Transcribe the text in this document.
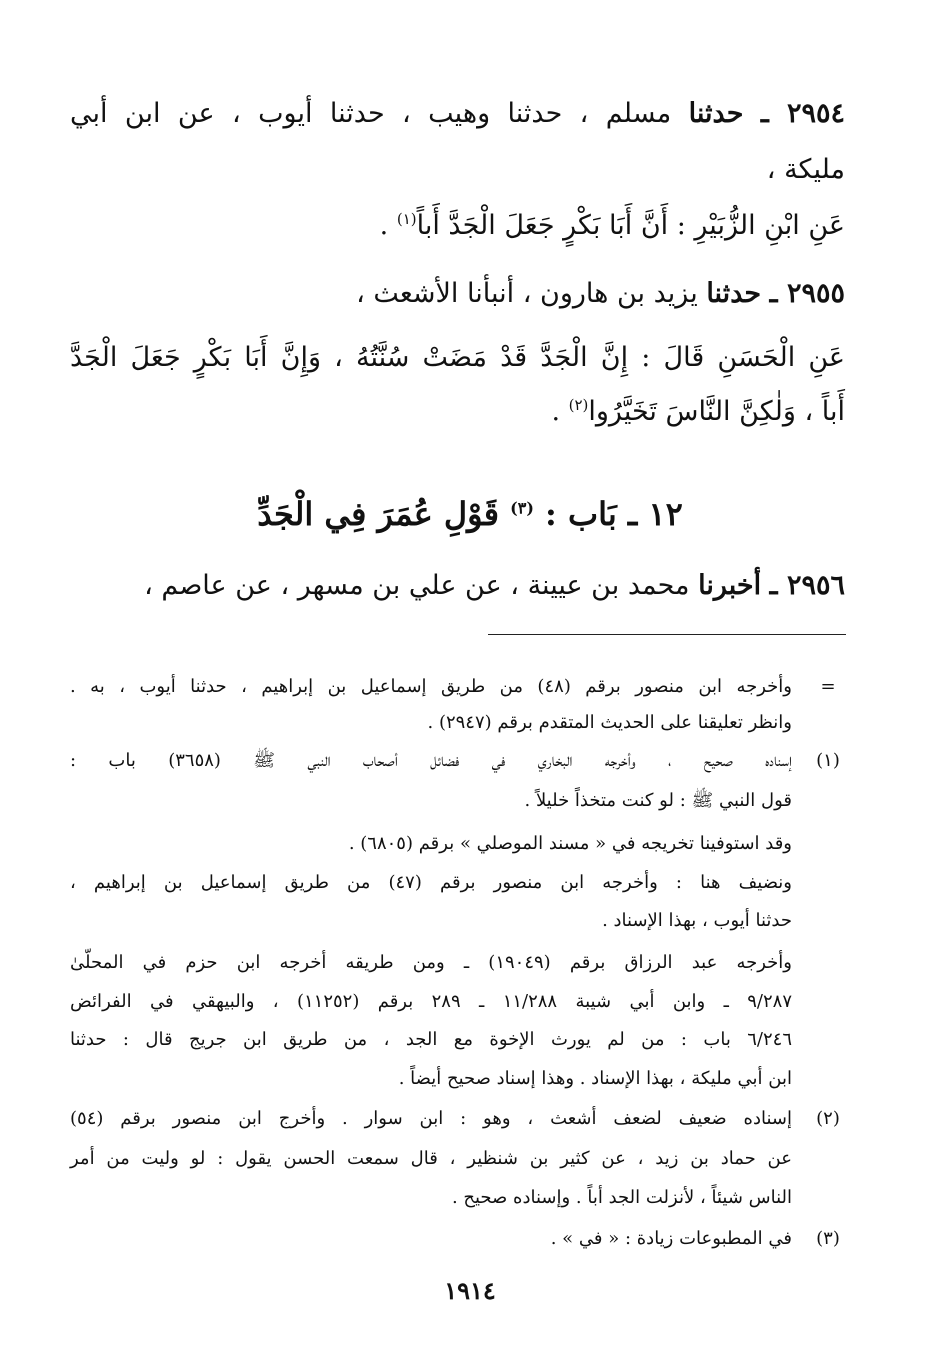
٢٩٥٤ ـ حدثنا مسلم ، حدثنا وهيب ، حدثنا أيوب ، عن ابن أبي
مليكة ،
عَنِ ابْنِ الزُّبَيْرِ : أَنَّ أَبَا بَكْرٍ جَعَلَ الْجَدَّ أَباً$^{(١)}$ .
٢٩٥٥ ـ حدثنا يزيد بن هارون ، أنبأنا الأشعث ،
عَنِ الْحَسَنِ قَالَ : إِنَّ الْجَدَّ قَدْ مَضَتْ سُنَّتُهُ ، وَإِنَّ أَبَا بَكْرٍ جَعَلَ الْجَدَّ
أَباً ، وَلٰكِنَّ النَّاسَ تَخَيَّرُوا$^{(٢)}$ .
١٢ ـ بَاب : $^{(٣)}$ قَوْلِ عُمَرَ فِي الْجَدِّ
٢٩٥٦ ـ أخبرنا محمد بن عيينة ، عن علي بن مسهر ، عن عاصم ،
=
وأخرجه ابن منصور برقم (٤٨) من طريق إسماعيل بن إبراهيم ، حدثنا أيوب ، به .
وانظر تعليقنا على الحديث المتقدم برقم (٢٩٤٧) .
(١)
إسناده صحيح ، وأخرجه البخاري في فضائل أصحاب النبي ﷺ (٣٦٥٨) باب :
قول النبي ﷺ : لو كنت متخذاً خليلاً .
وقد استوفينا تخريجه في « مسند الموصلي » برقم (٦٨٠٥) .
ونضيف هنا : وأخرجه ابن منصور برقم (٤٧) من طريق إسماعيل بن إبراهيم ،
حدثنا أيوب ، بهذا الإسناد .
وأخرجه عبد الرزاق برقم (١٩٠٤٩) ـ ومن طريقه أخرجه ابن حزم في المحلّىٰ
٩/٢٨٧ ـ وابن أبي شيبة ١١/٢٨٨ ـ ٢٨٩ برقم (١١٢٥٢) ، والبيهقي في الفرائض
٦/٢٤٦ باب : من لم يورث الإخوة مع الجد ، من طريق ابن جريج قال : حدثنا
ابن أبي مليكة ، بهذا الإسناد . وهذا إسناد صحيح أيضاً .
(٢)
إسناده ضعيف لضعف أشعث ، وهو : ابن سوار . وأخرج ابن منصور برقم (٥٤)
عن حماد بن زيد ، عن كثير بن شنظير ، قال سمعت الحسن يقول : لو وليت من أمر
الناس شيئاً ، لأنزلت الجد أباً . وإسناده صحيح .
(٣)
في المطبوعات زيادة : « في » .
١٩١٤
